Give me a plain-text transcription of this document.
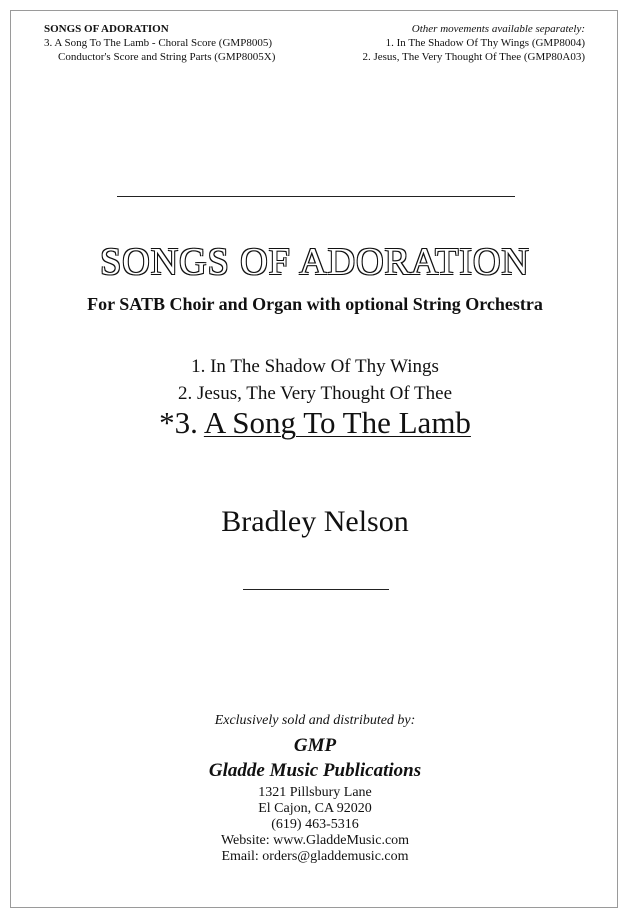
SONGS OF ADORATION
3. A Song To The Lamb - Choral Score (GMP8005)
Conductor's Score and String Parts (GMP8005X)
Other movements available separately:
1. In The Shadow Of Thy Wings (GMP8004)
2. Jesus, The Very Thought Of Thee (GMP80A03)
SONGS OF ADORATION
For SATB Choir and Organ with optional String Orchestra
1. In The Shadow Of Thy Wings
2. Jesus, The Very Thought Of Thee
*3. A Song To The Lamb
Bradley Nelson
Exclusively sold and distributed by:
GMP
Gladde Music Publications
1321 Pillsbury Lane
El Cajon, CA 92020
(619) 463-5316
Website: www.GladdeMusic.com
Email: orders@gladdemusic.com
